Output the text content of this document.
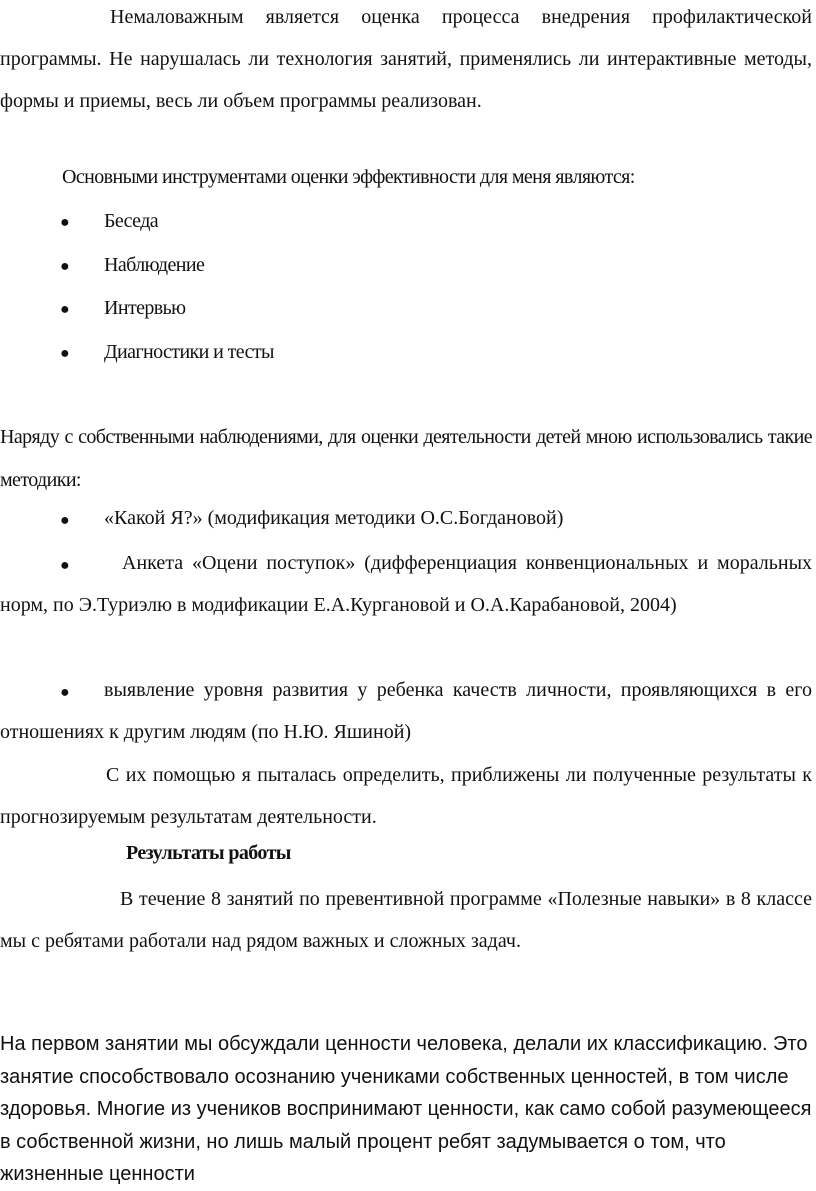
Немаловажным является оценка процесса внедрения профилактической программы. Не нарушалась ли технология занятий, применялись ли интерактивные методы, формы и приемы, весь ли объем программы реализован.

Основными инструментами оценки эффективности для меня являются:

● Беседа
● Наблюдение
● Интервью
● Диагностики и тесты

Наряду с собственными наблюдениями, для оценки деятельности детей мною использовались такие методики:

● «Какой Я?» (модификация методики О.С.Богдановой)
●	Анкета «Оцени поступок» (дифференциация конвенциональных и моральных норм, по Э.Туриэлю в модификации Е.А.Кургановой и О.А.Карабановой, 2004)

●	выявление уровня развития у ребенка качеств личности, проявляющихся в его отношениях к другим людям (по Н.Ю. Яшиной)

С их помощью я пыталась определить, приближены ли полученные результаты к прогнозируемым результатам деятельности.

Результаты работы

В течение 8 занятий по превентивной программе «Полезные навыки» в 8 классе мы с ребятами работали над рядом важных и сложных задач.

На первом занятии мы обсуждали ценности человека, делали их классификацию. Это занятие способствовало осознанию учениками собственных ценностей, в том числе здоровья. Многие из учеников воспринимают ценности, как само собой разумеющееся в собственной жизни, но лишь малый процент ребят задумывается о том, что жизненные ценности
